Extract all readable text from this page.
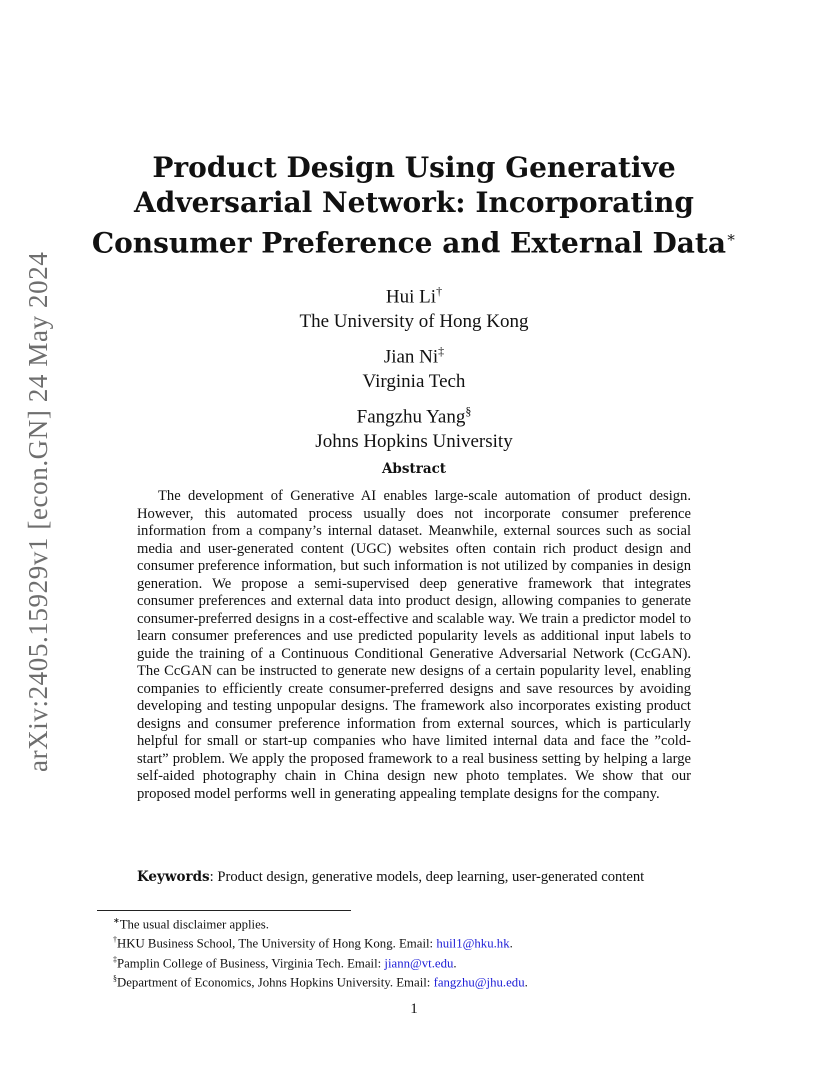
arXiv:2405.15929v1 [econ.GN] 24 May 2024
Product Design Using Generative Adversarial Network: Incorporating Consumer Preference and External Data∗
Hui Li†
The University of Hong Kong
Jian Ni‡
Virginia Tech
Fangzhu Yang§
Johns Hopkins University
Abstract

The development of Generative AI enables large-scale automation of product design. However, this automated process usually does not incorporate consumer preference information from a company’s internal dataset. Meanwhile, external sources such as social media and user-generated content (UGC) websites often contain rich product design and consumer preference information, but such information is not utilized by companies in design generation. We propose a semi-supervised deep generative framework that integrates consumer preferences and external data into product design, allowing companies to generate consumer-preferred designs in a cost-effective and scalable way. We train a predictor model to learn consumer preferences and use predicted popularity levels as additional input labels to guide the training of a Continuous Conditional Generative Adversarial Network (CcGAN). The CcGAN can be instructed to generate new designs of a certain popularity level, enabling companies to efficiently create consumer-preferred designs and save resources by avoiding developing and testing unpopular designs. The framework also incorporates existing product designs and consumer preference information from external sources, which is particularly helpful for small or start-up companies who have limited internal data and face the ”cold-start” problem. We apply the proposed framework to a real business setting by helping a large self-aided photography chain in China design new photo templates. We show that our proposed model performs well in generating appealing template designs for the company.

Keywords: Product design, generative models, deep learning, user-generated content
∗The usual disclaimer applies.
†HKU Business School, The University of Hong Kong. Email: huil1@hku.hk.
‡Pamplin College of Business, Virginia Tech. Email: jiann@vt.edu.
§Department of Economics, Johns Hopkins University. Email: fangzhu@jhu.edu.
1
